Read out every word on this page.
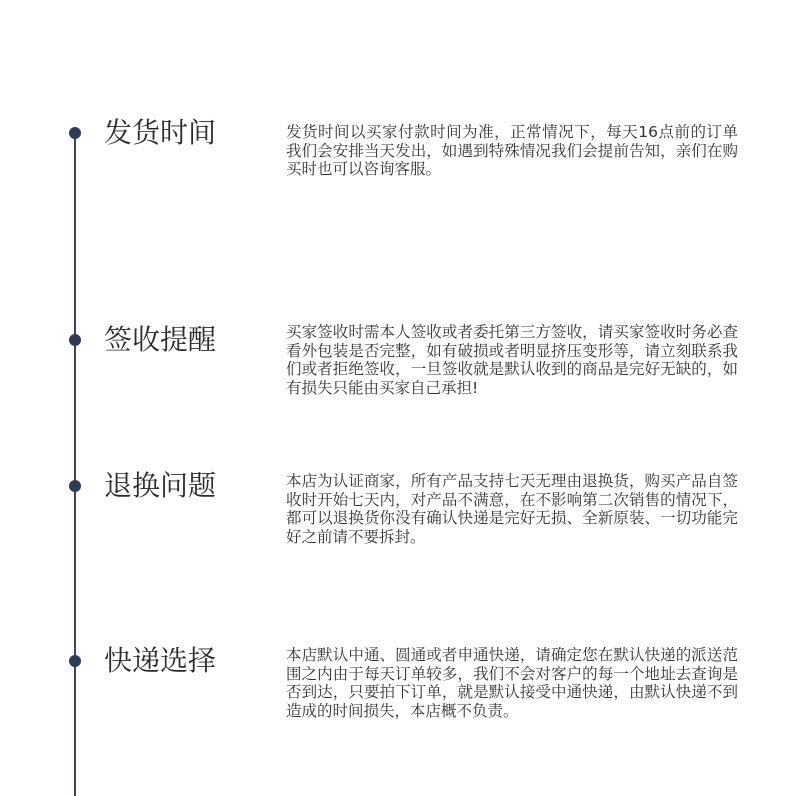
发货时间	发货时间以买家付款时间为准，正常情况下，每天16点前的订单我们会安排当天发出，如遇到特殊情况我们会提前告知，亲们在购买时也可以咨询客服。

签收提醒	买家签收时需本人签收或者委托第三方签收，请买家签收时务必查看外包装是否完整，如有破损或者明显挤压变形等，请立刻联系我们或者拒绝签收，一旦签收就是默认收到的商品是完好无缺的，如有损失只能由买家自己承担!

退换问题	本店为认证商家，所有产品支持七天无理由退换货，购买产品自签收时开始七天内，对产品不满意，在不影响第二次销售的情况下，都可以退换货你没有确认快递是完好无损、全新原装、一切功能完好之前请不要拆封。

快递选择	本店默认中通、圆通或者申通快递，请确定您在默认快递的派送范围之内由于每天订单较多，我们不会对客户的每一个地址去查询是否到达，只要拍下订单，就是默认接受中通快递，由默认快递不到造成的时间损失，本店概不负责。
